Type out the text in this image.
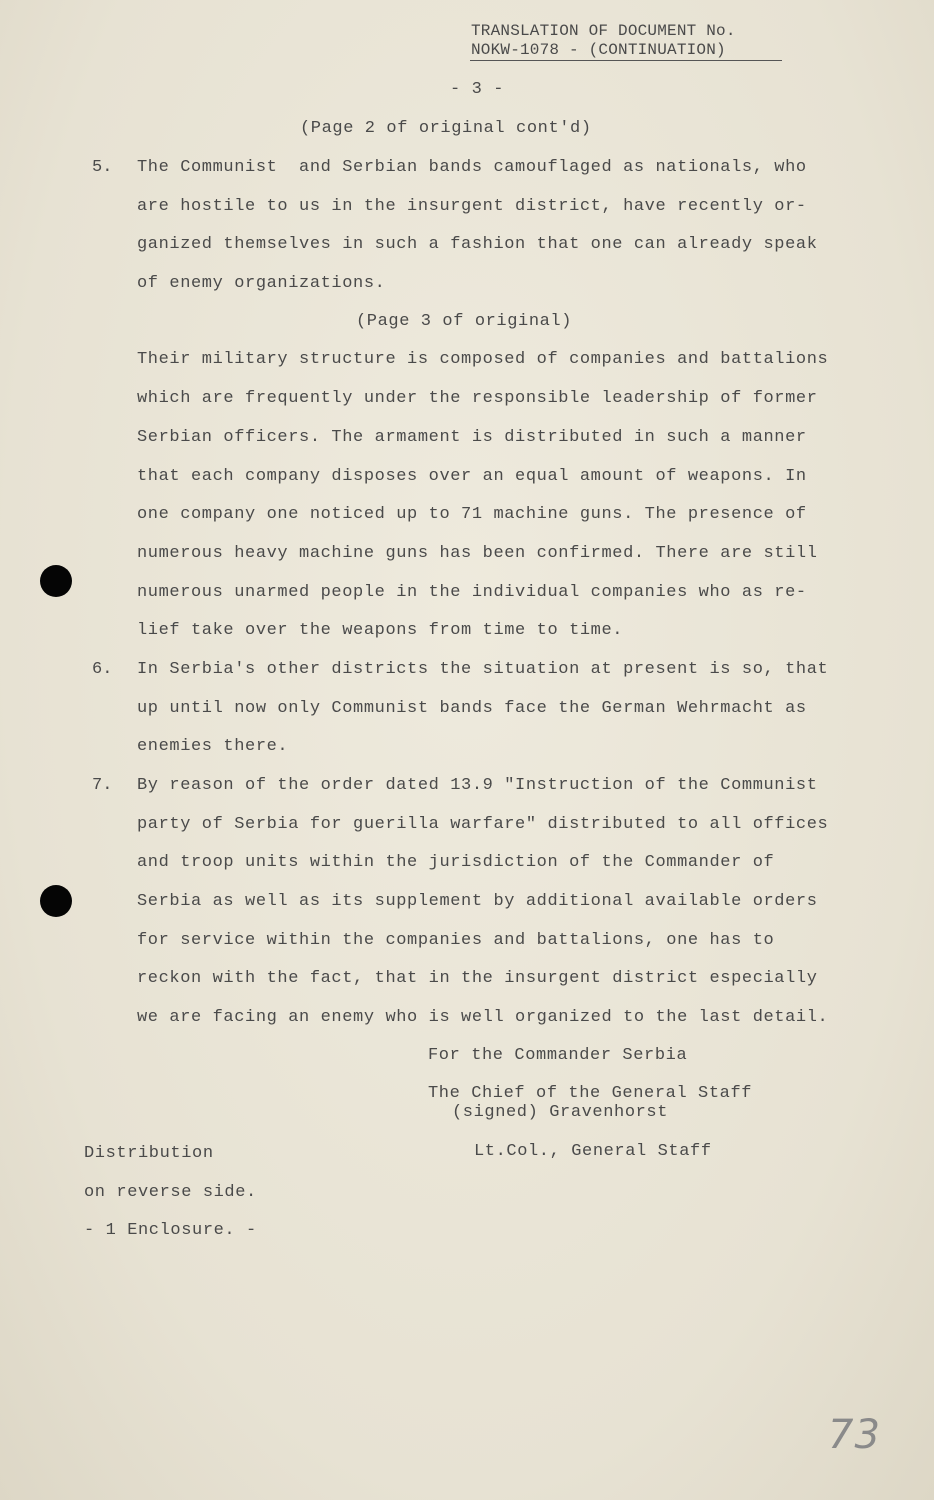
TRANSLATION OF DOCUMENT No.
NOKW-1078 - (CONTINUATION)
- 3 -
(Page 2 of original cont'd)
5. The Communist  and Serbian bands camouflaged as nationals, who
are hostile to us in the insurgent district, have recently or-
ganized themselves in such a fashion that one can already speak
of enemy organizations.
(Page 3 of original)
Their military structure is composed of companies and battalions
which are frequently under the responsible leadership of former
Serbian officers. The armament is distributed in such a manner
that each company disposes over an equal amount of weapons. In
one company one noticed up to 71 machine guns. The presence of
numerous heavy machine guns has been confirmed. There are still
numerous unarmed people in the individual companies who as re-
lief take over the weapons from time to time.
6. In Serbia's other districts the situation at present is so, that
up until now only Communist bands face the German Wehrmacht as
enemies there.
7. By reason of the order dated 13.9 "Instruction of the Communist
party of Serbia for guerilla warfare" distributed to all offices
and troop units within the jurisdiction of the Commander of
Serbia as well as its supplement by additional available orders
for service within the companies and battalions, one has to
reckon with the fact, that in the insurgent district especially
we are facing an enemy who is well organized to the last detail.
For the Commander Serbia
The Chief of the General Staff
(signed) Gravenhorst
Lt.Col., General Staff
Distribution
on reverse side.
- 1 Enclosure. -
73
